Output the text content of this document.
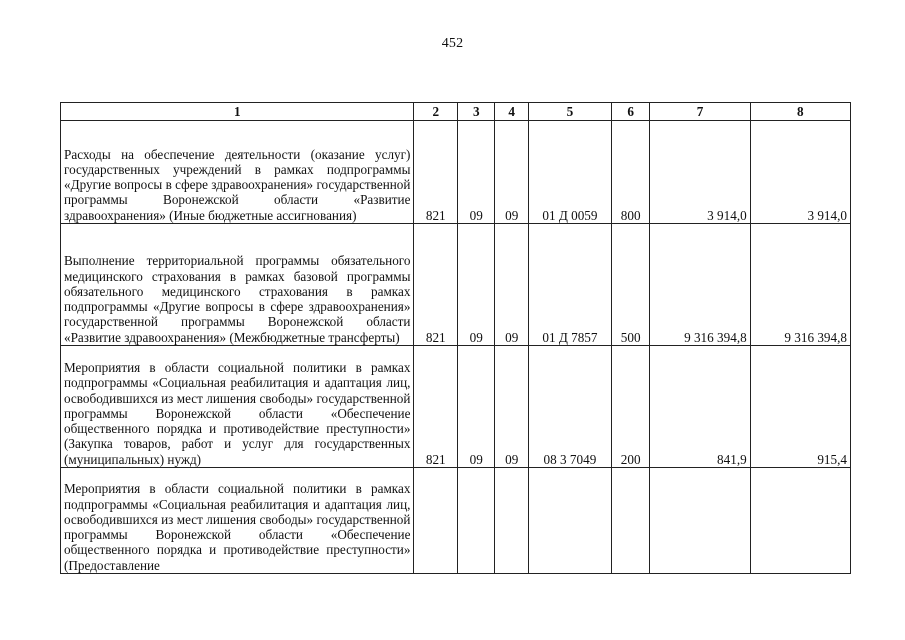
452
1	2	3	4	5	6	7	8
Расходы на обеспечение деятельности (оказание услуг) государственных учреждений в рамках подпрограммы «Другие вопросы в сфере здравоохранения» государственной программы Воронежской области «Развитие здравоохранения» (Иные бюджетные ассигнования)	821	09	09	01 Д 0059	800	3 914,0	3 914,0
Выполнение территориальной программы обязательного медицинского страхования в рамках базовой программы обязательного медицинского страхования в рамках подпрограммы «Другие вопросы в сфере здравоохранения» государственной программы Воронежской области «Развитие здравоохранения» (Межбюджетные трансферты)	821	09	09	01 Д 7857	500	9 316 394,8	9 316 394,8
Мероприятия в области социальной политики в рамках подпрограммы «Социальная реабилитация и адаптация лиц, освободившихся из мест лишения свободы» государственной программы Воронежской области «Обеспечение общественного порядка и противодействие преступности» (Закупка товаров, работ и услуг для государственных (муниципальных) нужд)	821	09	09	08 3 7049	200	841,9	915,4
Мероприятия в области социальной политики в рамках подпрограммы «Социальная реабилитация и адаптация лиц, освободившихся из мест лишения свободы» государственной программы Воронежской области «Обеспечение общественного порядка и противодействие преступности» (Предоставление							
